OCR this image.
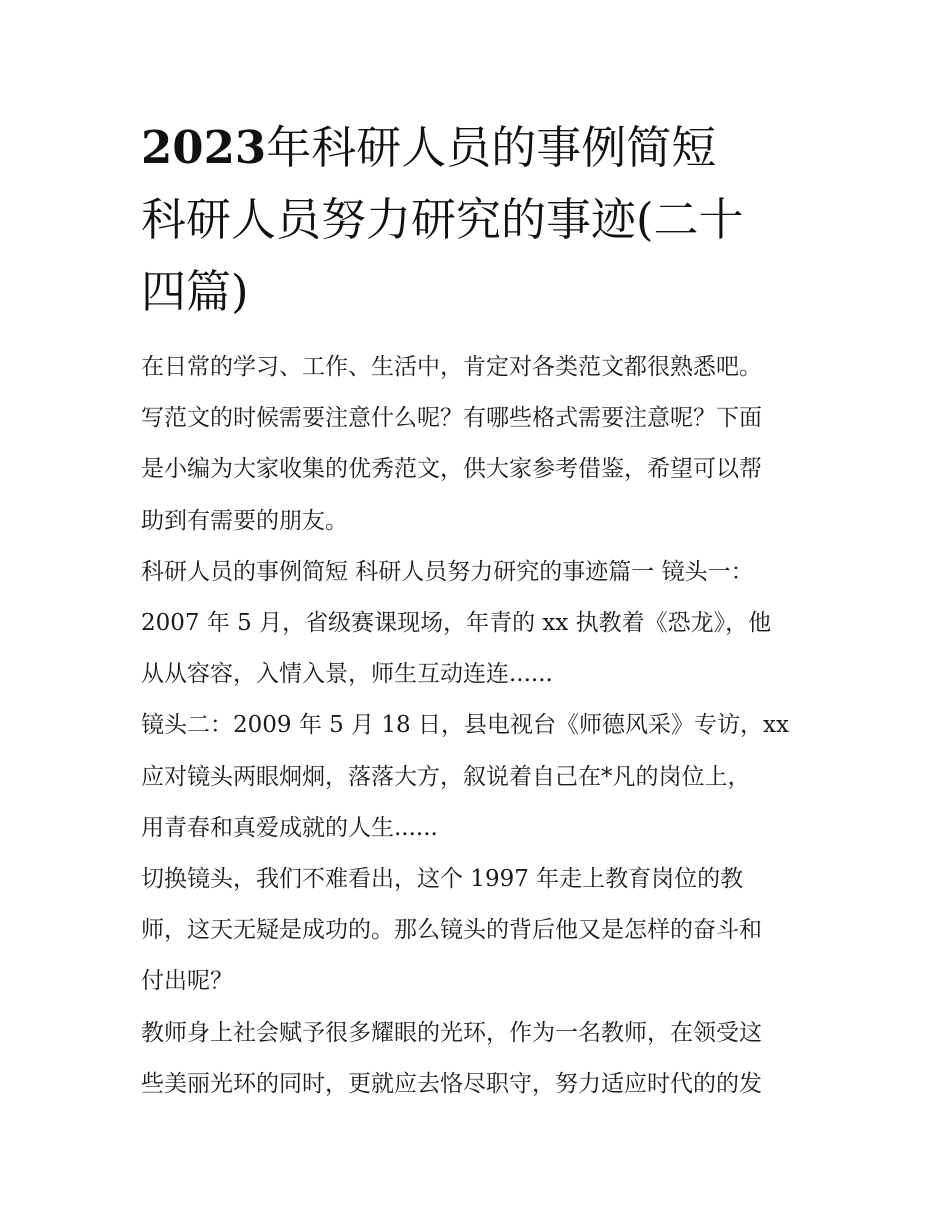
2023年科研人员的事例简短
科研人员努力研究的事迹(二十
四篇)

在日常的学习、工作、生活中，肯定对各类范文都很熟悉吧。
写范文的时候需要注意什么呢？有哪些格式需要注意呢？下面
是小编为大家收集的优秀范文，供大家参考借鉴，希望可以帮
助到有需要的朋友。

科研人员的事例简短 科研人员努力研究的事迹篇一 镜头一：
2007 年 5 月，省级赛课现场，年青的 xx 执教着《恐龙》，他
从从容容，入情入景，师生互动连连......

镜头二：2009 年 5 月 18 日，县电视台《师德风采》专访，xx
应对镜头两眼炯炯，落落大方，叙说着自己在*凡的岗位上，
用青春和真爱成就的人生......

切换镜头，我们不难看出，这个 1997 年走上教育岗位的教
师，这天无疑是成功的。那么镜头的背后他又是怎样的奋斗和
付出呢？

教师身上社会赋予很多耀眼的光环，作为一名教师，在领受这
些美丽光环的同时，更就应去恪尽职守，努力适应时代的的发
